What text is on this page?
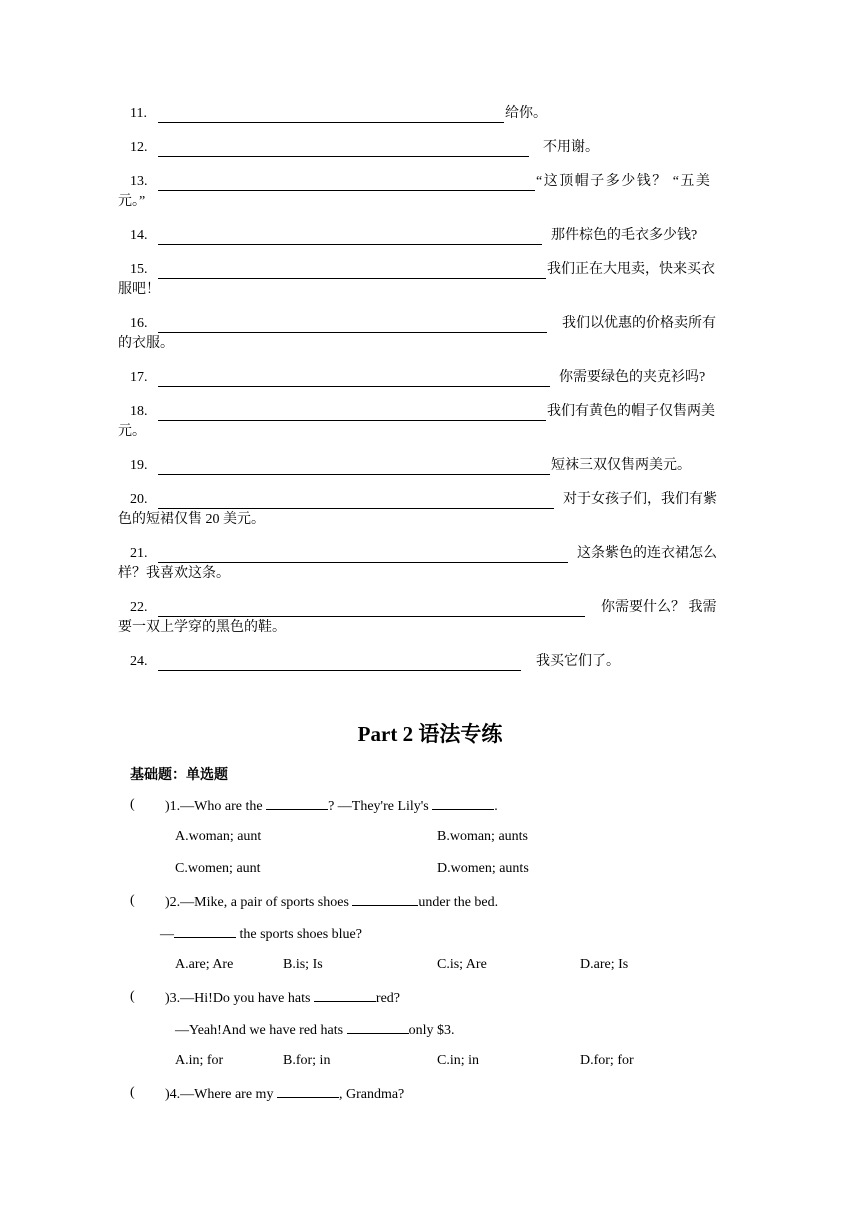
11.	给你。
12.	不用谢。
13.	“这顶帽子多少钱？ “五美
元。”
14.	那件棕色的毛衣多少钱?
15.	我们正在大甩卖，快来买衣
服吧！
16.	我们以优惠的价格卖所有
的衣服。
17.	你需要绿色的夹克衫吗?
18.	我们有黄色的帽子仅售两美
元。
19.	短袜三双仅售两美元。
20.	对于女孩子们，我们有紫
色的短裙仅售 20 美元。
21.	这条紫色的连衣裙怎么
样？我喜欢这条。
22.	你需要什么？ 我需
要一双上学穿的黑色的鞋。
24.	我买它们了。
Part 2 语法专练
基础题：单选题
( )1.—Who are the	? —They're Lily's	.
A.woman; aunt	B.woman; aunts
C.women; aunt	D.women; aunts
( )2.—Mike, a pair of sports shoes	under the bed.
—	the sports shoes blue?
A.are; Are	B.is; Is	C.is; Are	D.are; Is
( )3.—Hi!Do you have hats	red?
—Yeah!And we have red hats	only $3.
A.in; for	B.for; in	C.in; in	D.for; for
( )4.—Where are my	, Grandma?
